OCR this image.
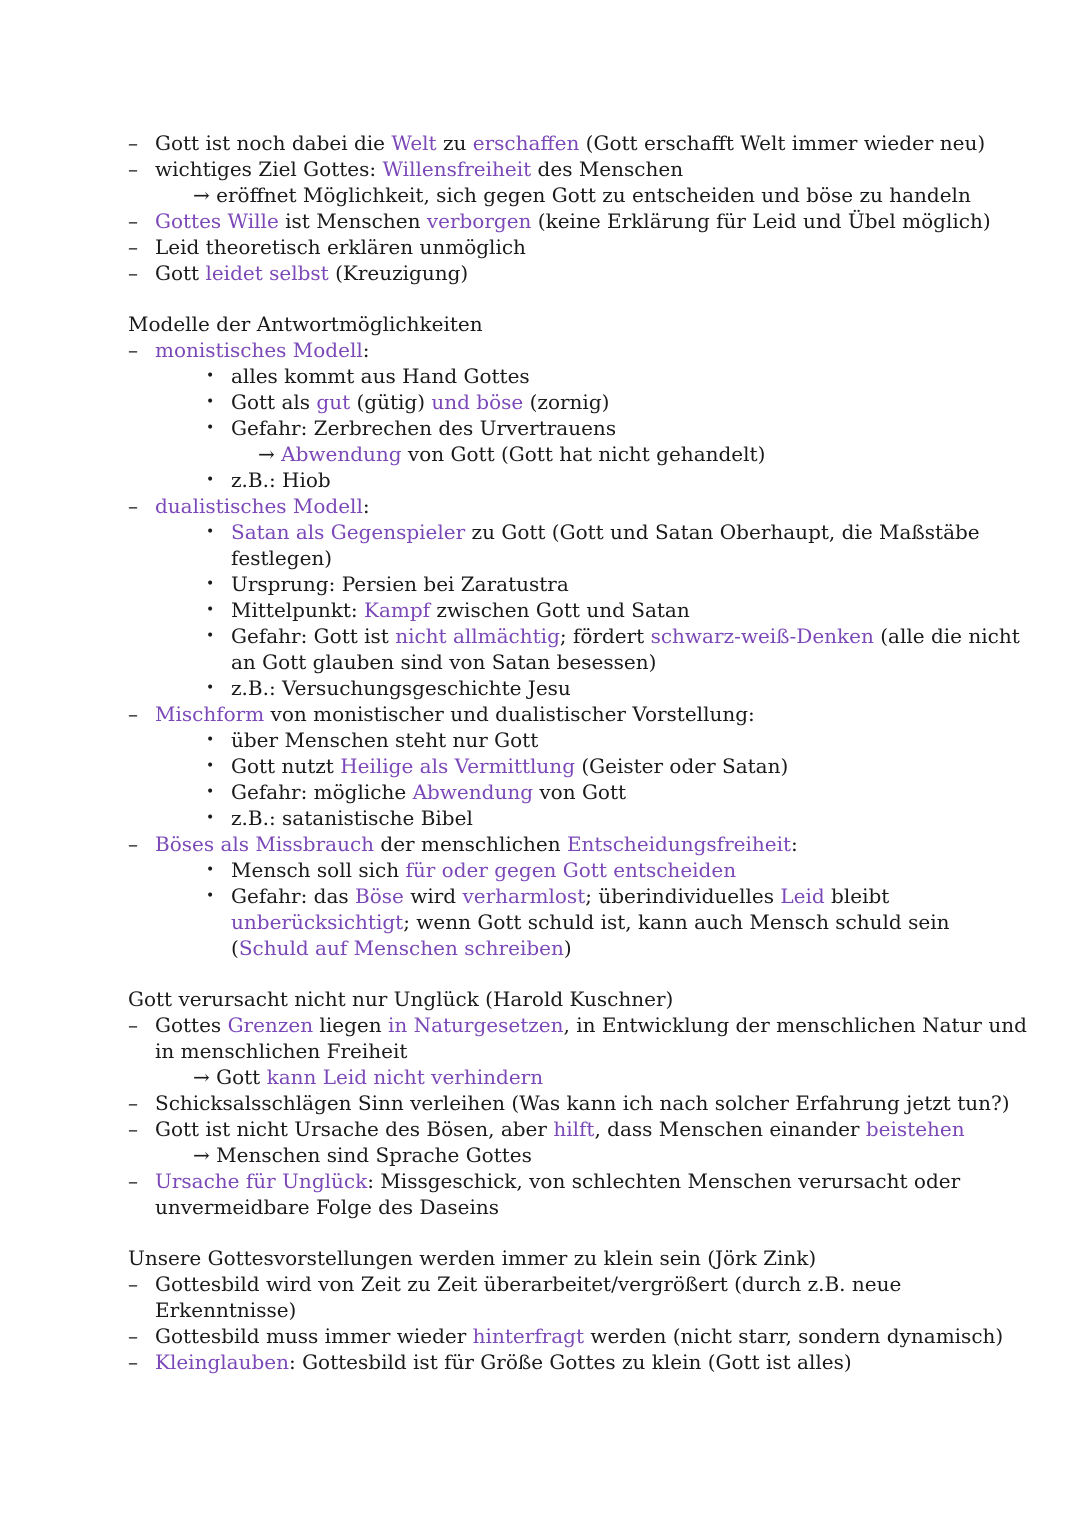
– Gott ist noch dabei die Welt zu erschaffen (Gott erschafft Welt immer wieder neu)
– wichtiges Ziel Gottes: Willensfreiheit des Menschen
→ eröffnet Möglichkeit, sich gegen Gott zu entscheiden und böse zu handeln
– Gottes Wille ist Menschen verborgen (keine Erklärung für Leid und Übel möglich)
– Leid theoretisch erklären unmöglich
– Gott leidet selbst (Kreuzigung)
Modelle der Antwortmöglichkeiten
– monistisches Modell:
• alles kommt aus Hand Gottes
• Gott als gut (gütig) und böse (zornig)
• Gefahr: Zerbrechen des Urvertrauens
→ Abwendung von Gott (Gott hat nicht gehandelt)
• z.B.: Hiob
– dualistisches Modell:
• Satan als Gegenspieler zu Gott (Gott und Satan Oberhaupt, die Maßstäbe
festlegen)
• Ursprung: Persien bei Zaratustra
• Mittelpunkt: Kampf zwischen Gott und Satan
• Gefahr: Gott ist nicht allmächtig; fördert schwarz-weiß-Denken (alle die nicht
an Gott glauben sind von Satan besessen)
• z.B.: Versuchungsgeschichte Jesu
– Mischform von monistischer und dualistischer Vorstellung:
• über Menschen steht nur Gott
• Gott nutzt Heilige als Vermittlung (Geister oder Satan)
• Gefahr: mögliche Abwendung von Gott
• z.B.: satanistische Bibel
– Böses als Missbrauch der menschlichen Entscheidungsfreiheit:
• Mensch soll sich für oder gegen Gott entscheiden
• Gefahr: das Böse wird verharmlost; überindividuelles Leid bleibt
unberücksichtigt; wenn Gott schuld ist, kann auch Mensch schuld sein
(Schuld auf Menschen schreiben)
Gott verursacht nicht nur Unglück (Harold Kuschner)
– Gottes Grenzen liegen in Naturgesetzen, in Entwicklung der menschlichen Natur und
in menschlichen Freiheit
→ Gott kann Leid nicht verhindern
– Schicksalsschlägen Sinn verleihen (Was kann ich nach solcher Erfahrung jetzt tun?)
– Gott ist nicht Ursache des Bösen, aber hilft, dass Menschen einander beistehen
→ Menschen sind Sprache Gottes
– Ursache für Unglück: Missgeschick, von schlechten Menschen verursacht oder
unvermeidbare Folge des Daseins
Unsere Gottesvorstellungen werden immer zu klein sein (Jörk Zink)
– Gottesbild wird von Zeit zu Zeit überarbeitet/vergrößert (durch z.B. neue
Erkenntnisse)
– Gottesbild muss immer wieder hinterfragt werden (nicht starr, sondern dynamisch)
– Kleinglauben: Gottesbild ist für Größe Gottes zu klein (Gott ist alles)
